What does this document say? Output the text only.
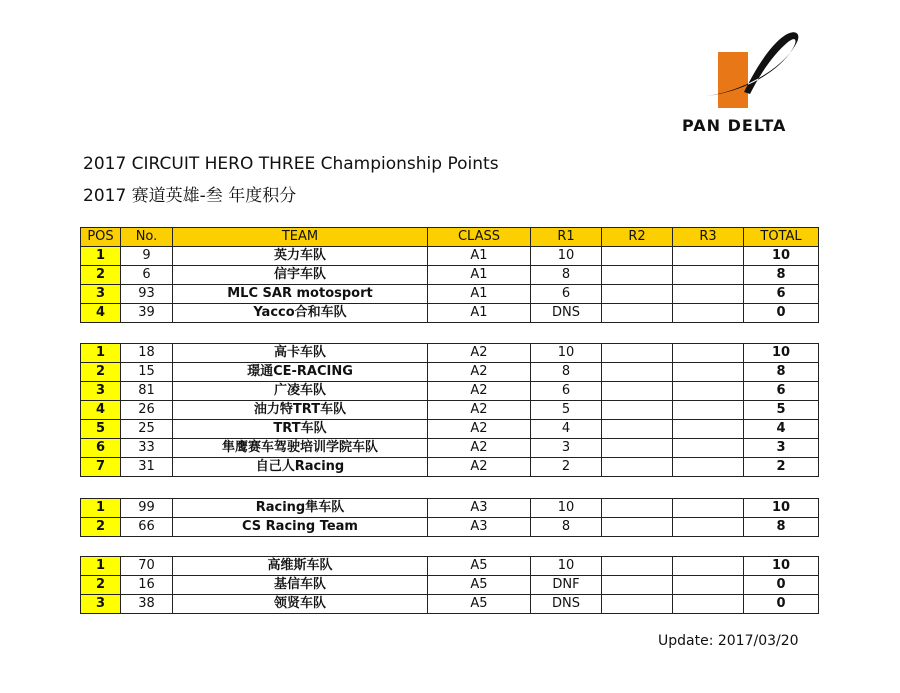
PAN DELTA
2017 CIRCUIT HERO THREE Championship Points
2017 赛道英雄-叁 年度积分
POS	No.	TEAM	CLASS	R1	R2	R3	TOTAL
1	9	英力车队	A1	10			10
2	6	信宇车队	A1	8			8
3	93	MLC SAR motosport	A1	6			6
4	39	Yacco合和车队	A1	DNS			0
1	18	高卡车队	A2	10			10
2	15	璟通CE-RACING	A2	8			8
3	81	广凌车队	A2	6			6
4	26	油力特TRT车队	A2	5			5
5	25	TRT车队	A2	4			4
6	33	隼鹰赛车驾驶培训学院车队	A2	3			3
7	31	自己人Racing	A2	2			2
1	99	Racing隼车队	A3	10			10
2	66	CS Racing Team	A3	8			8
1	70	高维斯车队	A5	10			10
2	16	基信车队	A5	DNF			0
3	38	领贤车队	A5	DNS			0
Update: 2017/03/20
